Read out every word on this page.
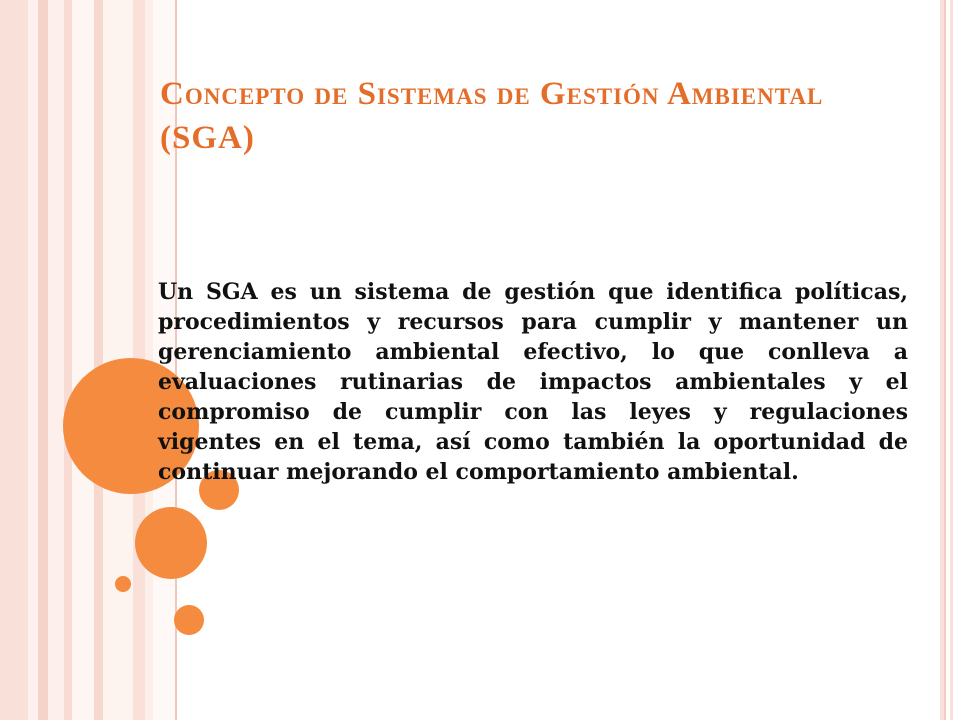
Concepto de Sistemas de Gestión Ambiental (SGA)

Un SGA es un sistema de gestión que identifica políticas, procedimientos y recursos para cumplir y mantener un gerenciamiento ambiental efectivo, lo que conlleva a evaluaciones rutinarias de impactos ambientales y el compromiso de cumplir con las leyes y regulaciones vigentes en el tema, así como también la oportunidad de continuar mejorando el comportamiento ambiental.
